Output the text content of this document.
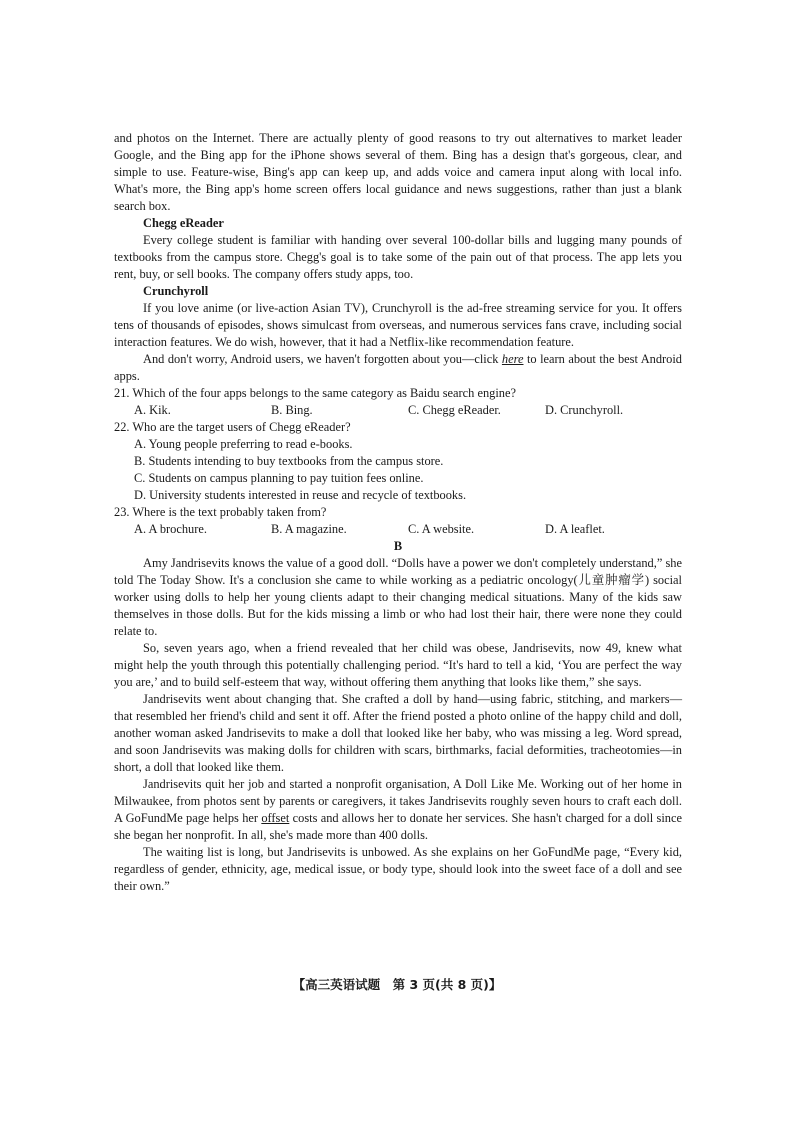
and photos on the Internet. There are actually plenty of good reasons to try out alternatives to market leader Google, and the Bing app for the iPhone shows several of them. Bing has a design that's gorgeous, clear, and simple to use. Feature-wise, Bing's app can keep up, and adds voice and camera input along with local info. What's more, the Bing app's home screen offers local guidance and news suggestions, rather than just a blank search box.

Chegg eReader

Every college student is familiar with handing over several 100-dollar bills and lugging many pounds of textbooks from the campus store. Chegg's goal is to take some of the pain out of that process. The app lets you rent, buy, or sell books. The company offers study apps, too.

Crunchyroll

If you love anime (or live-action Asian TV), Crunchyroll is the ad-free streaming service for you. It offers tens of thousands of episodes, shows simulcast from overseas, and numerous services fans crave, including social interaction features. We do wish, however, that it had a Netflix-like recommendation feature.

And don't worry, Android users, we haven't forgotten about you—click here to learn about the best Android apps.

21. Which of the four apps belongs to the same category as Baidu search engine?

A. Kik.	B. Bing.	C. Chegg eReader.	D. Crunchyroll.

22. Who are the target users of Chegg eReader?

A. Young people preferring to read e-books.
B. Students intending to buy textbooks from the campus store.
C. Students on campus planning to pay tuition fees online.
D. University students interested in reuse and recycle of textbooks.

23. Where is the text probably taken from?

A. A brochure.	B. A magazine.	C. A website.	D. A leaflet.

B

Amy Jandrisevits knows the value of a good doll. “Dolls have a power we don't completely understand,” she told The Today Show. It's a conclusion she came to while working as a pediatric oncology(儿童肿瘤学) social worker using dolls to help her young clients adapt to their changing medical situations. Many of the kids saw themselves in those dolls. But for the kids missing a limb or who had lost their hair, there were none they could relate to.

So, seven years ago, when a friend revealed that her child was obese, Jandrisevits, now 49, knew what might help the youth through this potentially challenging period. “It's hard to tell a kid, ‘You are perfect the way you are,’ and to build self-esteem that way, without offering them anything that looks like them,” she says.

Jandrisevits went about changing that. She crafted a doll by hand—using fabric, stitching, and markers—that resembled her friend's child and sent it off. After the friend posted a photo online of the happy child and doll, another woman asked Jandrisevits to make a doll that looked like her baby, who was missing a leg. Word spread, and soon Jandrisevits was making dolls for children with scars, birthmarks, facial deformities, tracheotomies—in short, a doll that looked like them.

Jandrisevits quit her job and started a nonprofit organisation, A Doll Like Me. Working out of her home in Milwaukee, from photos sent by parents or caregivers, it takes Jandrisevits roughly seven hours to craft each doll. A GoFundMe page helps her offset costs and allows her to donate her services. She hasn't charged for a doll since she began her nonprofit. In all, she's made more than 400 dolls.

The waiting list is long, but Jandrisevits is unbowed. As she explains on her GoFundMe page, “Every kid, regardless of gender, ethnicity, age, medical issue, or body type, should look into the sweet face of a doll and see their own.”

【高三英语试题　第 3 页(共 8 页)】
